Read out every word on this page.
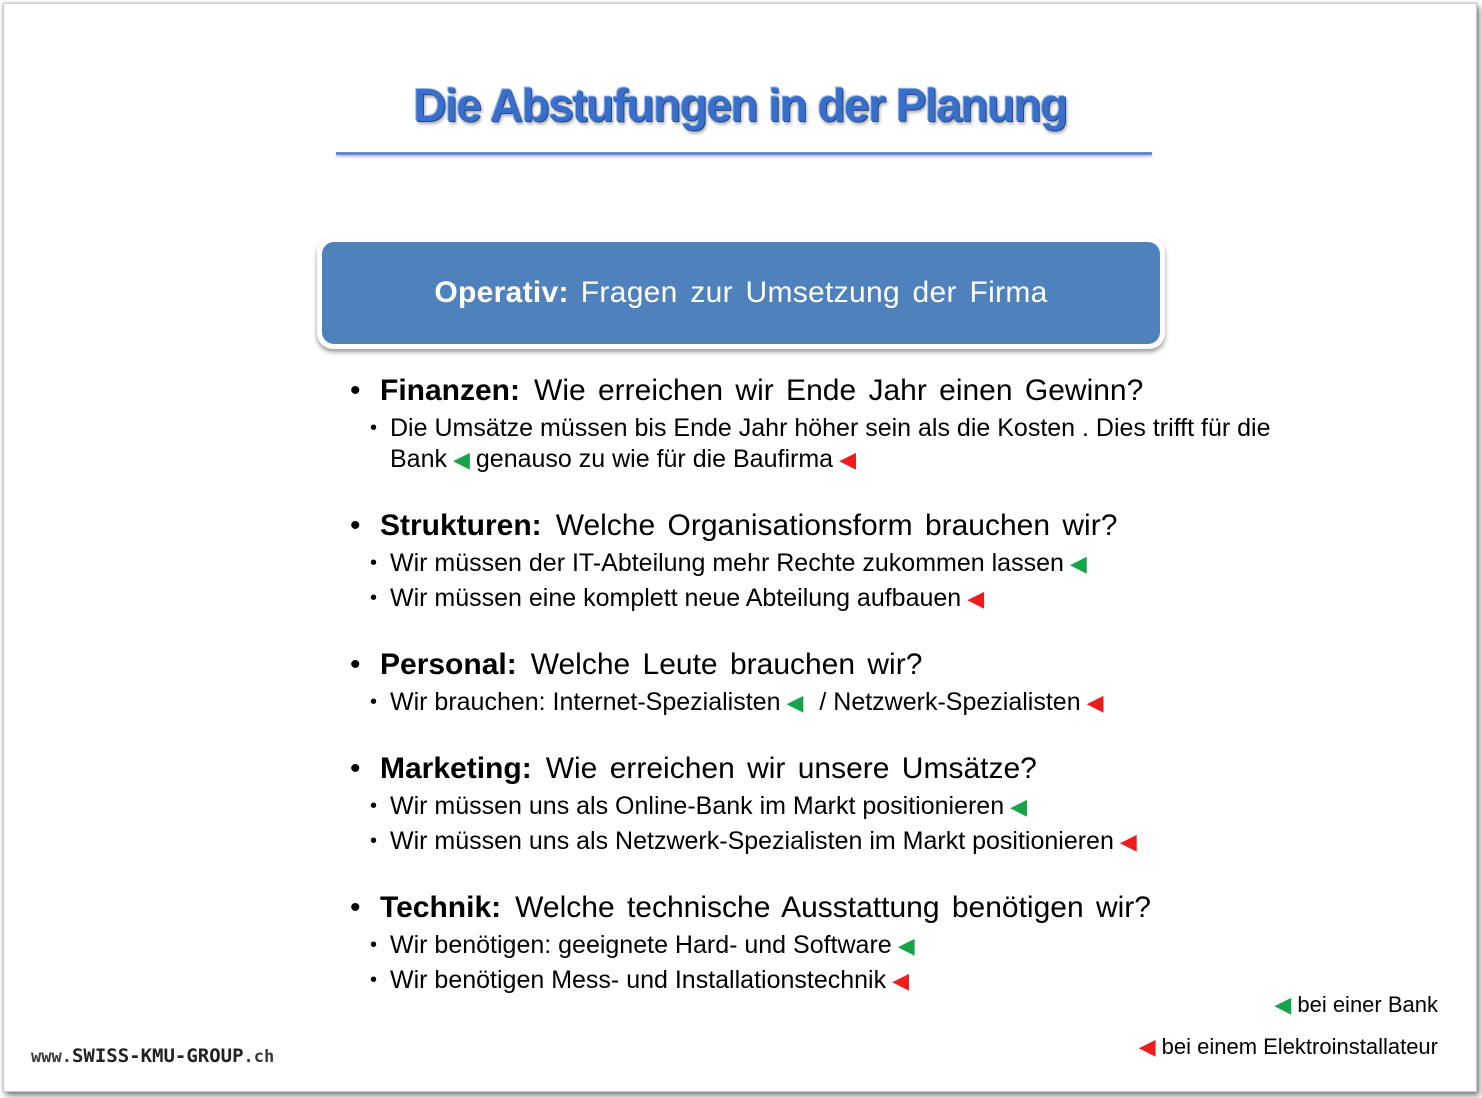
Die Abstufungen in der Planung
Operativ: Fragen zur Umsetzung der Firma
• Finanzen: Wie erreichen wir Ende Jahr einen Gewinn?
• Die Umsätze müssen bis Ende Jahr höher sein als die Kosten . Dies trifft für die Bank ◀ genauso zu wie für die Baufirma ◀
• Strukturen: Welche Organisationsform brauchen wir?
• Wir müssen der IT-Abteilung mehr Rechte zukommen lassen ◀
• Wir müssen eine komplett neue Abteilung aufbauen ◀
• Personal: Welche Leute brauchen wir?
• Wir brauchen: Internet-Spezialisten ◀ / Netzwerk-Spezialisten ◀
• Marketing: Wie erreichen wir unsere Umsätze?
• Wir müssen uns als Online-Bank im Markt positionieren ◀
• Wir müssen uns als Netzwerk-Spezialisten im Markt positionieren ◀
• Technik: Welche technische Ausstattung benötigen wir?
• Wir benötigen: geeignete Hard- und Software ◀
• Wir benötigen Mess- und Installationstechnik ◀
◀ bei einer Bank
◀ bei einem Elektroinstallateur
www.SWISS-KMU-GROUP.ch
